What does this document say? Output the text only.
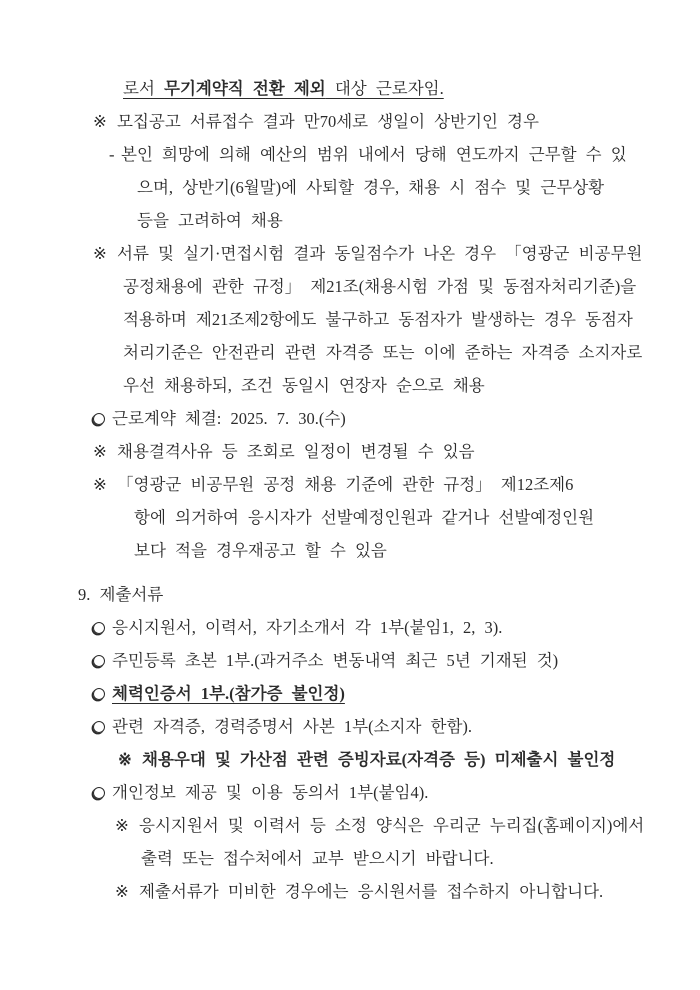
로서 무기계약직 전환 제외 대상 근로자임.
※ 모집공고 서류접수 결과 만70세로 생일이 상반기인 경우
- 본인 희망에 의해 예산의 범위 내에서 당해 연도까지 근무할 수 있
으며, 상반기(6월말)에 사퇴할 경우, 채용 시 점수 및 근무상황
등을 고려하여 채용
※ 서류 및 실기·면접시험 결과 동일점수가 나온 경우 「영광군 비공무원
공정채용에 관한 규정」 제21조(채용시험 가점 및 동점자처리기준)을
적용하며 제21조제2항에도 불구하고 동점자가 발생하는 경우 동점자
처리기준은 안전관리 관련 자격증 또는 이에 준하는 자격증 소지자로
우선 채용하되, 조건 동일시 연장자 순으로 채용
근로계약 체결: 2025. 7. 30.(수)
※ 채용결격사유 등 조회로 일정이 변경될 수 있음
※ 「영광군 비공무원 공정 채용 기준에 관한 규정」 제12조제6
항에 의거하여 응시자가 선발예정인원과 같거나 선발예정인원
보다 적을 경우재공고 할 수 있음
9. 제출서류
응시지원서, 이력서, 자기소개서 각 1부(붙임1, 2, 3).
주민등록 초본 1부.(과거주소 변동내역 최근 5년 기재된 것)
체력인증서 1부.(참가증 불인정)
관련 자격증, 경력증명서 사본 1부(소지자 한함).
※ 채용우대 및 가산점 관련 증빙자료(자격증 등) 미제출시 불인정
개인정보 제공 및 이용 동의서 1부(붙임4).
※ 응시지원서 및 이력서 등 소정 양식은 우리군 누리집(홈페이지)에서
출력 또는 접수처에서 교부 받으시기 바랍니다.
※ 제출서류가 미비한 경우에는 응시원서를 접수하지 아니합니다.
